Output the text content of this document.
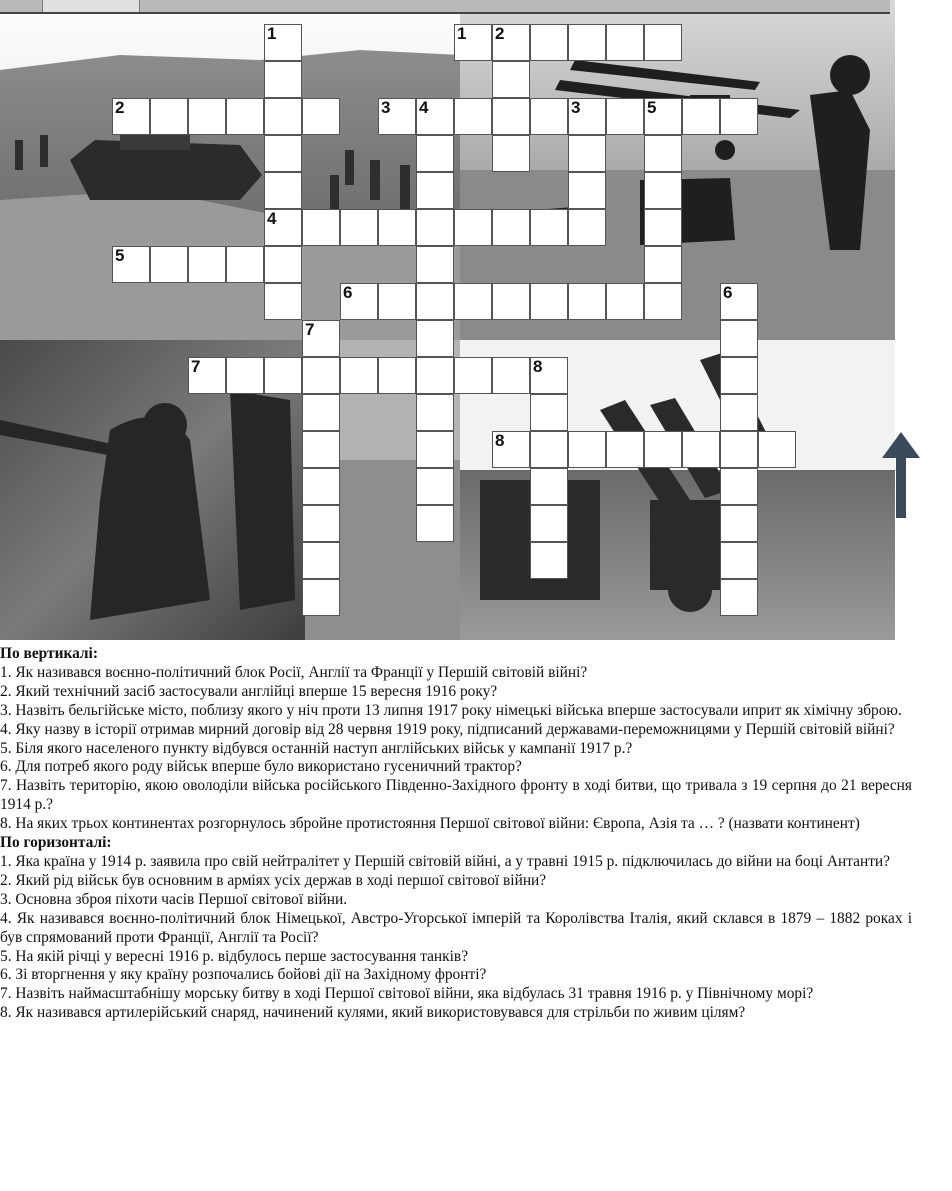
1
4
1 2
2	3 4	3	5
5
6	6
7
7	8
8

По вертикалі:

1. Як називався воєнно-політичний блок Росії, Англії та Франції у Першій світовій війні?

2. Який технічний засіб застосували англійці вперше 15 вересня 1916 року?

3. Назвіть бельгійське місто, поблизу якого у ніч проти 13 липня 1917 року німецькі війська вперше застосували иприт як хімічну зброю.

4. Яку назву в історії отримав мирний договір від 28 червня 1919 року, підписаний державами-переможницями у Першій світовій війні?

5. Біля якого населеного пункту відбувся останній наступ англійських військ у кампанії 1917 р.?

6. Для потреб якого роду військ вперше було використано гусеничний трактор?

7. Назвіть територію, якою оволоділи війська російського Південно-Західного фронту в ході битви, що тривала з 19 серпня до 21 вересня 1914 р.?

8. На яких трьох континентах розгорнулось збройне протистояння Першої світової війни: Європа, Азія та … ? (назвати континент)

По горизонталі:

1. Яка країна у 1914 р. заявила про свій нейтралітет у Першій світовій війні, а у травні 1915 р. підключилась до війни на боці Антанти?

2. Який рід військ був основним в арміях усіх держав в ході першої світової війни?

3. Основна зброя піхоти часів Першої світової війни.

4. Як називався воєнно-політичний блок Німецької, Австро-Угорської імперій та Королівства Італія, який склався в 1879 – 1882 роках і був спрямований проти Франції, Англії та Росії?

5. На якій річці у вересні 1916 р. відбулось перше застосування танків?

6. Зі вторгнення у яку країну розпочались бойові дії на Західному фронті?

7. Назвіть наймасштабнішу морську битву в ході Першої світової війни, яка відбулась 31 травня 1916 р. у Північному морі?

8. Як називався артилерійський снаряд, начинений кулями, який використовувався для стрільби по живим цілям?
